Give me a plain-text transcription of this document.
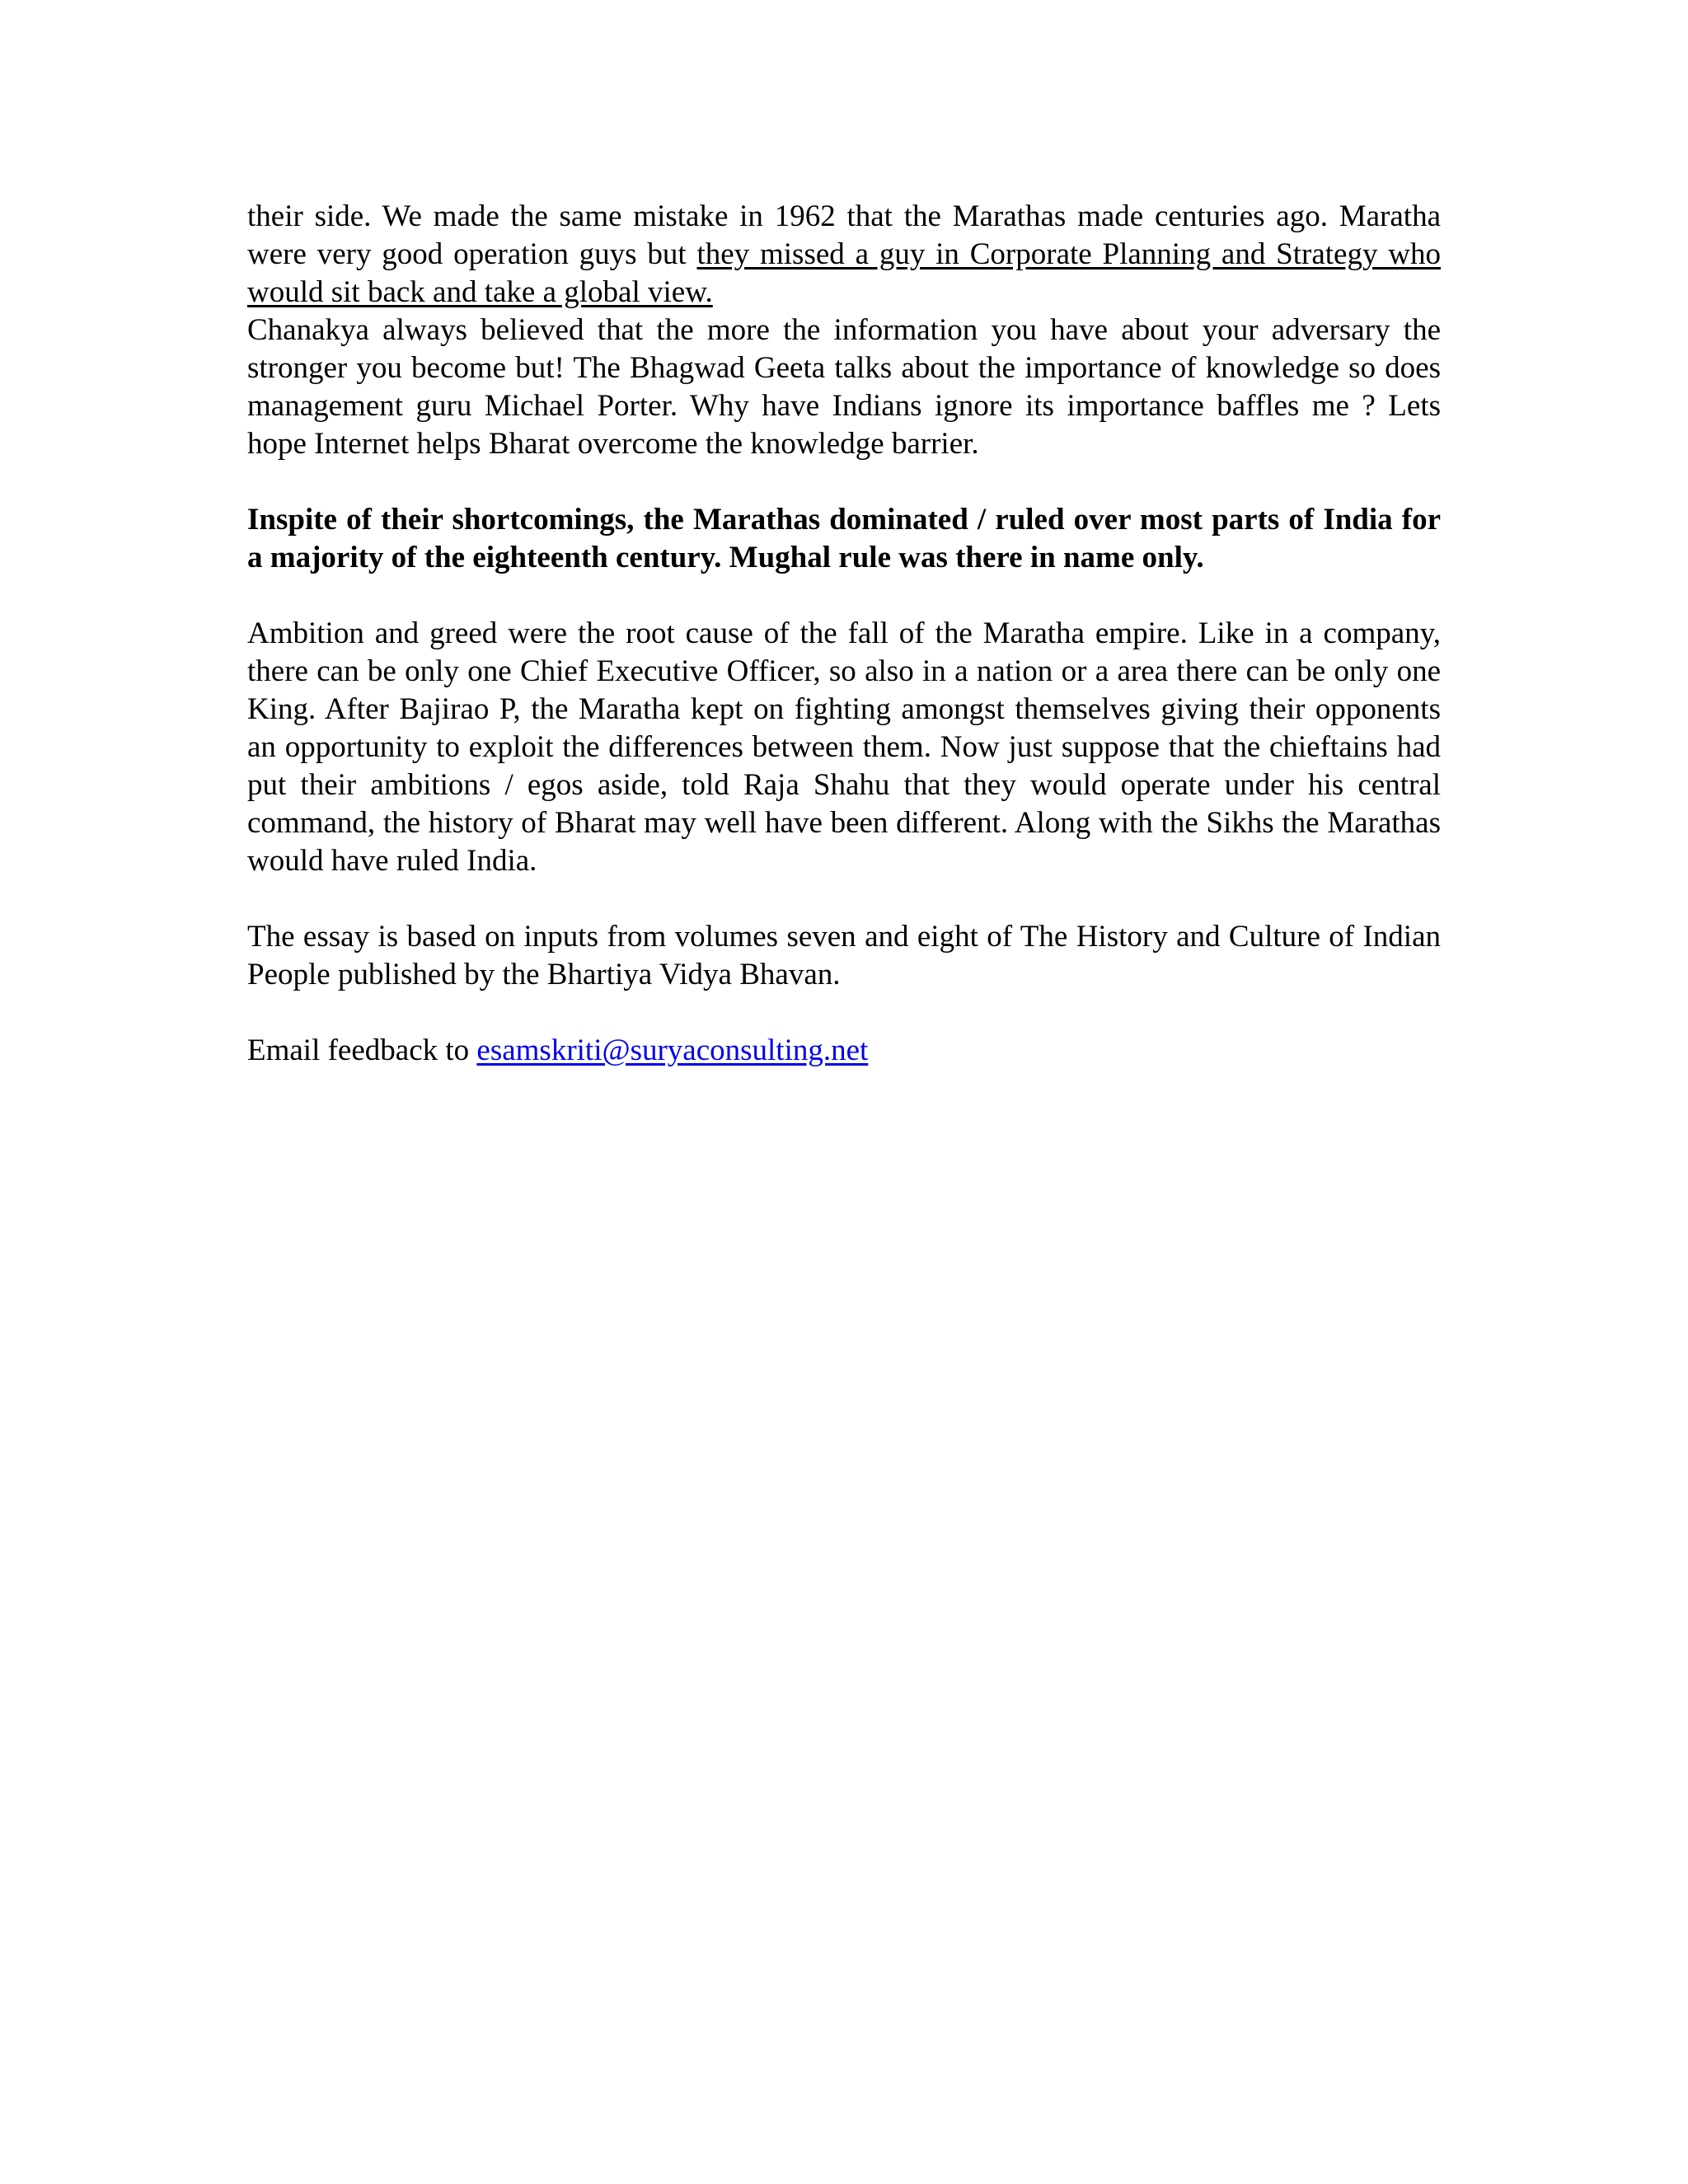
their side. We made the same mistake in 1962 that the Marathas made centuries ago. Maratha were very good operation guys but they missed a guy in Corporate Planning and Strategy who would sit back and take a global view.

Chanakya always believed that the more the information you have about your adversary the stronger you become but! The Bhagwad Geeta talks about the importance of knowledge so does management guru Michael Porter. Why have Indians ignore its importance baffles me ? Lets hope Internet helps Bharat overcome the knowledge barrier.

Inspite of their shortcomings, the Marathas dominated / ruled over most parts of India for a majority of the eighteenth century. Mughal rule was there in name only.

Ambition and greed were the root cause of the fall of the Maratha empire. Like in a company, there can be only one Chief Executive Officer, so also in a nation or a area there can be only one King. After Bajirao P, the Maratha kept on fighting amongst themselves giving their opponents an opportunity to exploit the differences between them. Now just suppose that the chieftains had put their ambitions / egos aside, told Raja Shahu that they would operate under his central command, the history of Bharat may well have been different. Along with the Sikhs the Marathas would have ruled India.

The essay is based on inputs from volumes seven and eight of The History and Culture of Indian People published by the Bhartiya Vidya Bhavan.

Email feedback to esamskriti@suryaconsulting.net
